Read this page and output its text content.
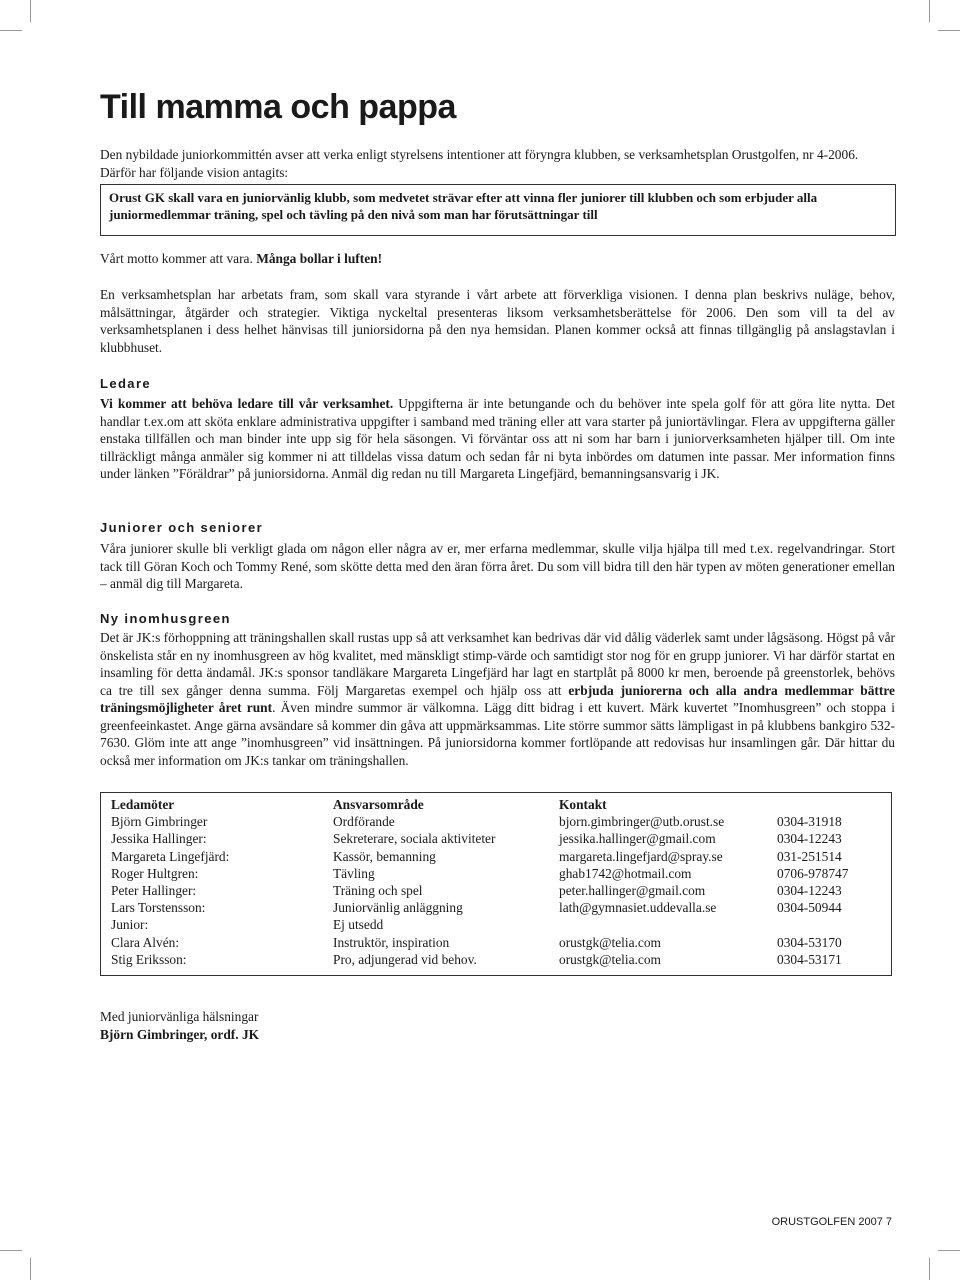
Till mamma och pappa

Den nybildade juniorkommittén avser att verka enligt styrelsens intentioner att föryngra klubben, se verksamhetsplan Orustgolfen, nr 4-2006. Därför har följande vision antagits:

Orust GK skall vara en juniorvänlig klubb, som medvetet strävar efter att vinna fler juniorer till klubben och som erbjuder alla juniormedlemmar träning, spel och tävling på den nivå som man har förutsättningar till

Vårt motto kommer att vara. Många bollar i luften!

En verksamhetsplan har arbetats fram, som skall vara styrande i vårt arbete att förverkliga visionen. I denna plan beskrivs nuläge, behov, målsättningar, åtgärder och strategier. Viktiga nyckeltal presenteras liksom verksamhetsberättelse för 2006. Den som vill ta del av verksamhetsplanen i dess helhet hänvisas till juniorsidorna på den nya hemsidan. Planen kommer också att finnas tillgänglig på anslagstavlan i klubbhuset.

Ledare

Vi kommer att behöva ledare till vår verksamhet. Uppgifterna är inte betungande och du behöver inte spela golf för att göra lite nytta. Det handlar t.ex.om att sköta enklare administrativa uppgifter i samband med träning eller att vara starter på juniortävlingar. Flera av uppgifterna gäller enstaka tillfällen och man binder inte upp sig för hela säsongen. Vi förväntar oss att ni som har barn i juniorverksamheten hjälper till. Om inte tillräckligt många anmäler sig kommer ni att tilldelas vissa datum och sedan får ni byta inbördes om datumen inte passar. Mer information finns under länken ”Föräldrar” på juniorsidorna. Anmäl dig redan nu till Margareta Lingefjärd, bemanningsansvarig i JK.

Juniorer och seniorer

Våra juniorer skulle bli verkligt glada om någon eller några av er, mer erfarna medlemmar, skulle vilja hjälpa till med t.ex. regelvandringar. Stort tack till Göran Koch och Tommy René, som skötte detta med den äran förra året. Du som vill bidra till den här typen av möten generationer emellan – anmäl dig till Margareta.

Ny inomhusgreen

Det är JK:s förhoppning att träningshallen skall rustas upp så att verksamhet kan bedrivas där vid dålig väderlek samt under lågsäsong. Högst på vår önskelista står en ny inomhusgreen av hög kvalitet, med mänskligt stimp-värde och samtidigt stor nog för en grupp juniorer. Vi har därför startat en insamling för detta ändamål. JK:s sponsor tandläkare Margareta Lingefjärd har lagt en startplåt på 8000 kr men, beroende på greenstorlek, behövs ca tre till sex gånger denna summa. Följ Margaretas exempel och hjälp oss att erbjuda juniorerna och alla andra medlemmar bättre träningsmöjligheter året runt. Även mindre summor är välkomna. Lägg ditt bidrag i ett kuvert. Märk kuvertet ”Inomhusgreen” och stoppa i greenfeeinkastet. Ange gärna avsändare så kommer din gåva att uppmärksammas. Lite större summor sätts lämpligast in på klubbens bankgiro 532-7630. Glöm inte att ange ”inomhusgreen” vid insättningen. På juniorsidorna kommer fortlöpande att redovisas hur insamlingen går. Där hittar du också mer information om JK:s tankar om träningshallen.

Ledamöter	Ansvarsområde	Kontakt	
Björn Gimbringer	Ordförande	bjorn.gimbringer@utb.orust.se	0304-31918
Jessika Hallinger:	Sekreterare, sociala aktiviteter	jessika.hallinger@gmail.com	0304-12243
Margareta Lingefjärd:	Kassör, bemanning	margareta.lingefjard@spray.se	031-251514
Roger Hultgren:	Tävling	ghab1742@hotmail.com	0706-978747
Peter Hallinger:	Träning och spel	peter.hallinger@gmail.com	0304-12243
Lars Torstensson:	Juniorvänlig anläggning	lath@gymnasiet.uddevalla.se	0304-50944
Junior:	Ej utsedd		
Clara Alvén:	Instruktör, inspiration	orustgk@telia.com	0304-53170
Stig Eriksson:	Pro, adjungerad vid behov.	orustgk@telia.com	0304-53171
Med juniorvänliga hälsningar
Björn Gimbringer, ordf. JK
ORUSTGOLFEN 2007 7
